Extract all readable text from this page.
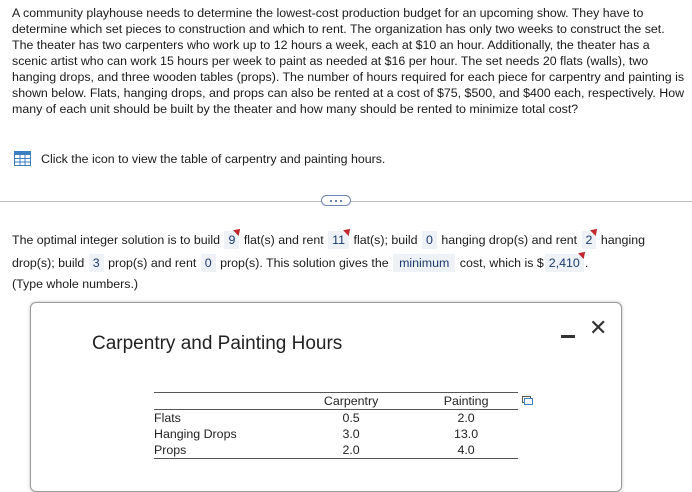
A community playhouse needs to determine the lowest-cost production budget for an upcoming show. They have to determine which set pieces to construction and which to rent. The organization has only two weeks to construct the set. The theater has two carpenters who work up to 12 hours a week, each at $10 an hour. Additionally, the theater has a scenic artist who can work 15 hours per week to paint as needed at $16 per hour. The set needs 20 flats (walls), two hanging drops, and three wooden tables (props). The number of hours required for each piece for carpentry and painting is shown below. Flats, hanging drops, and props can also be rented at a cost of $75, $500, and $400 each, respectively. How many of each unit should be built by the theater and how many should be rented to minimize total cost?
Click the icon to view the table of carpentry and painting hours.
The optimal integer solution is to build 9 flat(s) and rent 11 flat(s); build 0 hanging drop(s) and rent 2 hanging drop(s); build 3 prop(s) and rent 0 prop(s). This solution gives the minimum cost, which is $ 2,410 .
(Type whole numbers.)
Carpentry and Painting Hours
✕
	Carpentry	Painting
Flats	0.5	2.0
Hanging Drops	3.0	13.0
Props	2.0	4.0
